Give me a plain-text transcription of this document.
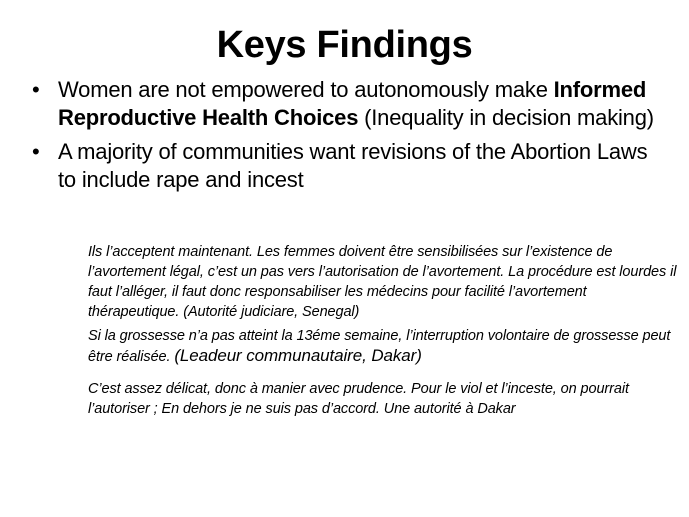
Keys Findings
• Women are not empowered to autonomously make Informed Reproductive Health Choices (Inequality in decision making)
• A majority of communities want revisions of the Abortion Laws to include rape and incest
Ils l’acceptent maintenant. Les femmes doivent être sensibilisées sur l’existence de l’avortement légal, c’est un pas vers l’autorisation de l’avortement. La procédure est lourdes il faut l’alléger, il faut donc responsabiliser les médecins pour facilité l’avortement thérapeutique. (Autorité judiciare, Senegal)
Si la grossesse n’a pas atteint la 13éme semaine, l’interruption volontaire de grossesse peut être réalisée. (Leadeur communautaire, Dakar)
C’est assez délicat, donc à manier avec prudence. Pour le viol et l’inceste, on pourrait l’autoriser ; En dehors je ne suis pas d’accord. Une autorité à Dakar
